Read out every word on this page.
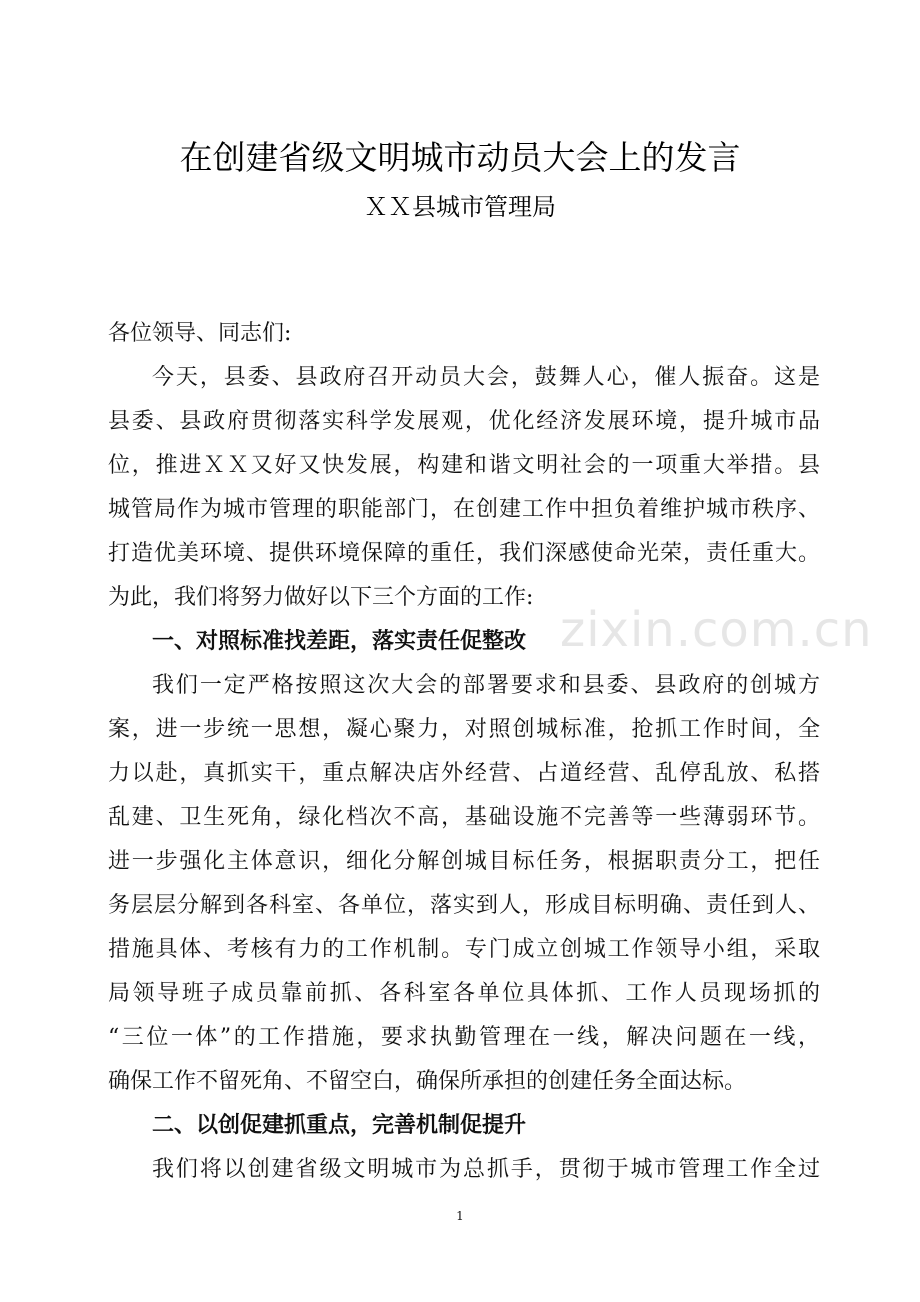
zixin.com.cn
在创建省级文明城市动员大会上的发言
ＸＸ县城市管理局
各位领导、同志们:
今天，县委、县政府召开动员大会，鼓舞人心，催人振奋。这是
县委、县政府贯彻落实科学发展观，优化经济发展环境，提升城市品
位，推进ＸＸ又好又快发展，构建和谐文明社会的一项重大举措。县
城管局作为城市管理的职能部门，在创建工作中担负着维护城市秩序、
打造优美环境、提供环境保障的重任，我们深感使命光荣，责任重大。
为此，我们将努力做好以下三个方面的工作:
一、对照标准找差距，落实责任促整改
我们一定严格按照这次大会的部署要求和县委、县政府的创城方
案，进一步统一思想，凝心聚力，对照创城标准，抢抓工作时间，全
力以赴，真抓实干，重点解决店外经营、占道经营、乱停乱放、私搭
乱建、卫生死角，绿化档次不高，基础设施不完善等一些薄弱环节。
进一步强化主体意识，细化分解创城目标任务，根据职责分工，把任
务层层分解到各科室、各单位，落实到人，形成目标明确、责任到人、
措施具体、考核有力的工作机制。专门成立创城工作领导小组，采取
局领导班子成员靠前抓、各科室各单位具体抓、工作人员现场抓的
“三位一体”的工作措施，要求执勤管理在一线，解决问题在一线，
确保工作不留死角、不留空白，确保所承担的创建任务全面达标。
二、以创促建抓重点，完善机制促提升
我们将以创建省级文明城市为总抓手，贯彻于城市管理工作全过
1
